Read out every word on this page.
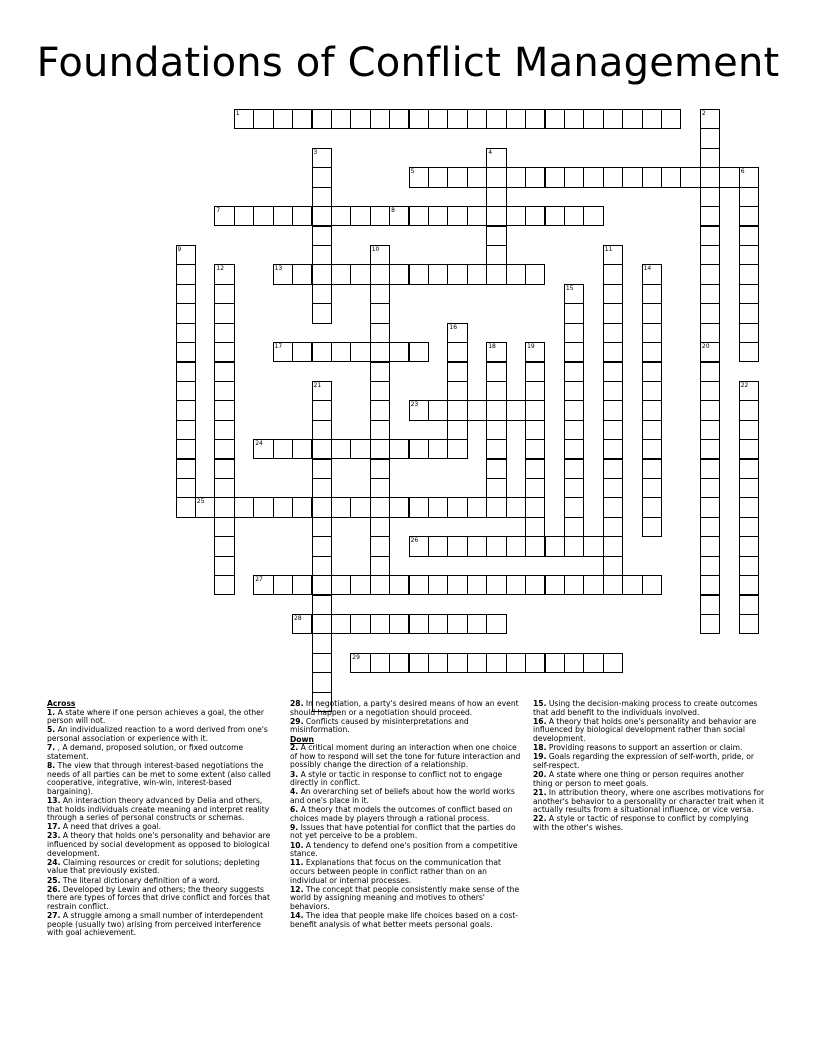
Foundations of Conflict Management
1	2
20
3	4
5	6
7	8
9	10	11
12	13	14
15
16
17	18	19
21	22
23
24
25
26
27
28
29
Across
1. A state where if one person achieves a goal, the other person will not.
5. An individualized reaction to a word derived from one's personal association or experience with it.
7. , A demand, proposed solution, or fixed outcome statement.
8. The view that through interest-based negotiations the needs of all parties can be met to some extent (also called cooperative, integrative, win-win, interest-based bargaining).
13. An interaction theory advanced by Delia and others, that holds individuals create meaning and interpret reality through a series of personal constructs or schemas.
17. A need that drives a goal.
23. A theory that holds one's personality and behavior are influenced by social development as opposed to biological development.
24. Claiming resources or credit for solutions; depleting value that previously existed.
25. The literal dictionary definition of a word.
26. Developed by Lewin and others; the theory suggests there are types of forces that drive conflict and forces that restrain conflict.
27. A struggle among a small number of interdependent people (usually two) arising from perceived interference with goal achievement.
28. In negotiation, a party's desired means of how an event should happen or a negotiation should proceed.
29. Conflicts caused by misinterpretations and misinformation.
Down
2. A critical moment during an interaction when one choice of how to respond will set the tone for future interaction and possibly change the direction of a relationship.
3. A style or tactic in response to conflict not to engage directly in conflict.
4. An overarching set of beliefs about how the world works and one's place in it.
6. A theory that models the outcomes of conflict based on choices made by players through a rational process.
9. Issues that have potential for conflict that the parties do not yet perceive to be a problem.
10. A tendency to defend one's position from a competitive stance.
11. Explanations that focus on the communication that occurs between people in conflict rather than on an individual or internal processes.
12. The concept that people consistently make sense of the world by assigning meaning and motives to others' behaviors.
14. The idea that people make life choices based on a cost-benefit analysis of what better meets personal goals.
15. Using the decision-making process to create outcomes that add benefit to the individuals involved.
16. A theory that holds one's personality and behavior are influenced by biological development rather than social development.
18. Providing reasons to support an assertion or claim.
19. Goals regarding the expression of self-worth, pride, or self-respect.
20. A state where one thing or person requires another thing or person to meet goals.
21. In attribution theory, where one ascribes motivations for another's behavior to a personality or character trait when it actually results from a situational influence, or vice versa.
22. A style or tactic of response to conflict by complying with the other's wishes.
